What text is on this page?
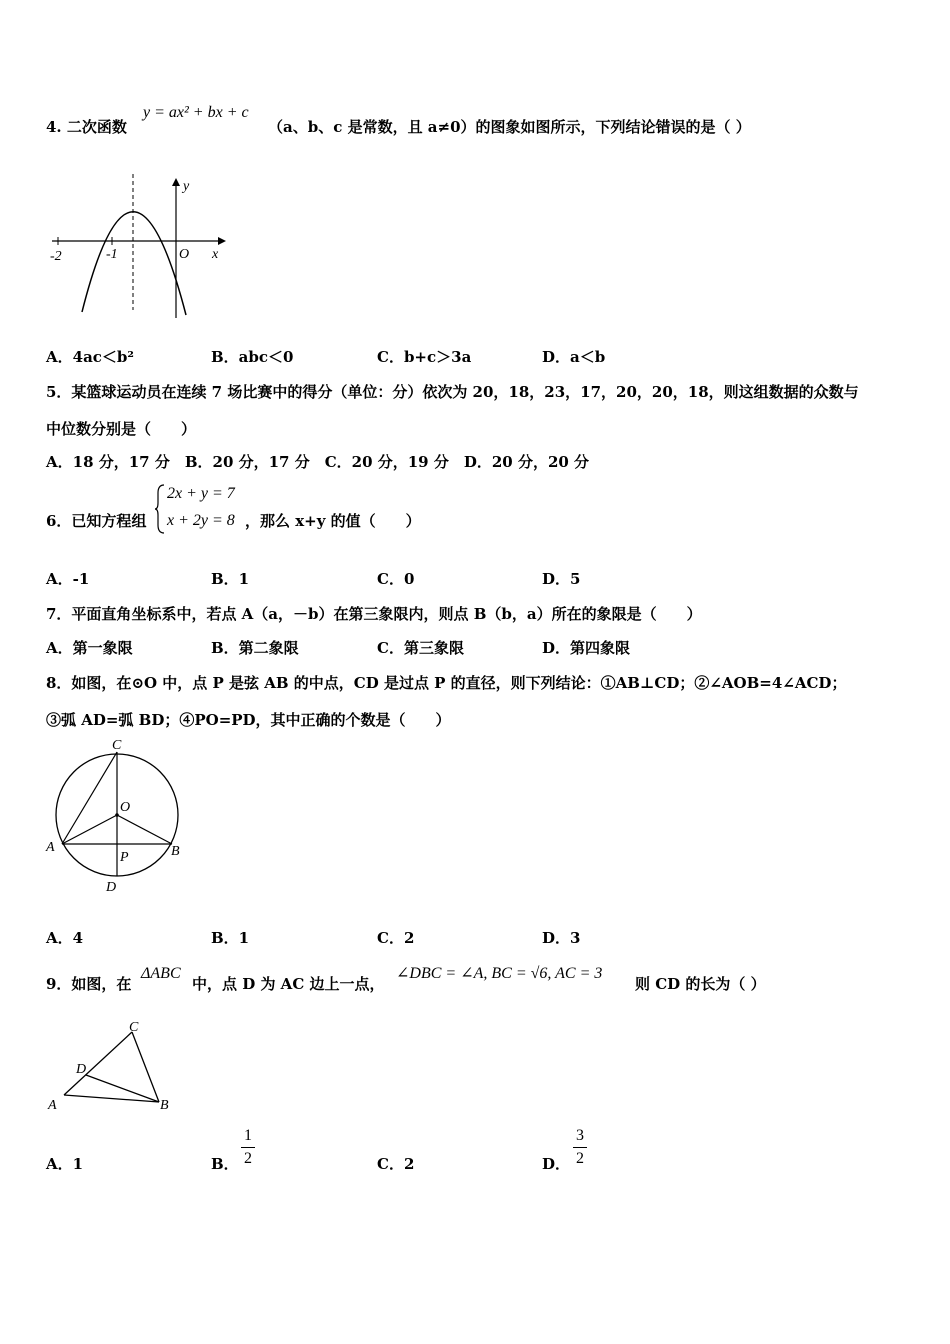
4. 二次函数
y = ax² + bx + c
（a、b、c 是常数，且 a≠0）的图象如图所示，下列结论错误的是（ ）
y
x
O
-2	-1
A．4ac＜b²	B．abc＜0	C．b+c＞3a	D．a＜b
5．某篮球运动员在连续 7 场比赛中的得分（单位：分）依次为 20，18，23，17，20，20，18，则这组数据的众数与
中位数分别是（　　）
A．18 分，17 分　B．20 分，17 分　C．20 分，19 分　D．20 分，20 分
6．已知方程组
2x + y = 7
x + 2y = 8 ，那么 x+y 的值（　　）
A．-1	B．1	C．0	D．5
7．平面直角坐标系中，若点 A（a，－b）在第三象限内，则点 B（b，a）所在的象限是（　　）
A．第一象限	B．第二象限	C．第三象限	D．第四象限
8．如图，在⊙O 中，点 P 是弦 AB 的中点，CD 是过点 P 的直径，则下列结论：①AB⊥CD；②∠AOB=4∠ACD；
③弧 AD=弧 BD；④PO=PD，其中正确的个数是（　　）
C
O
A	B
P
D
A．4	B．1	C．2	D．3
9．如图，在
ΔABC
中，点 D 为 AC 边上一点，
∠DBC = ∠A, BC = √6, AC = 3
则 CD 的长为（ ）
C
D
A	B
A．1	B．
1
2	C．2	D．
3
2
